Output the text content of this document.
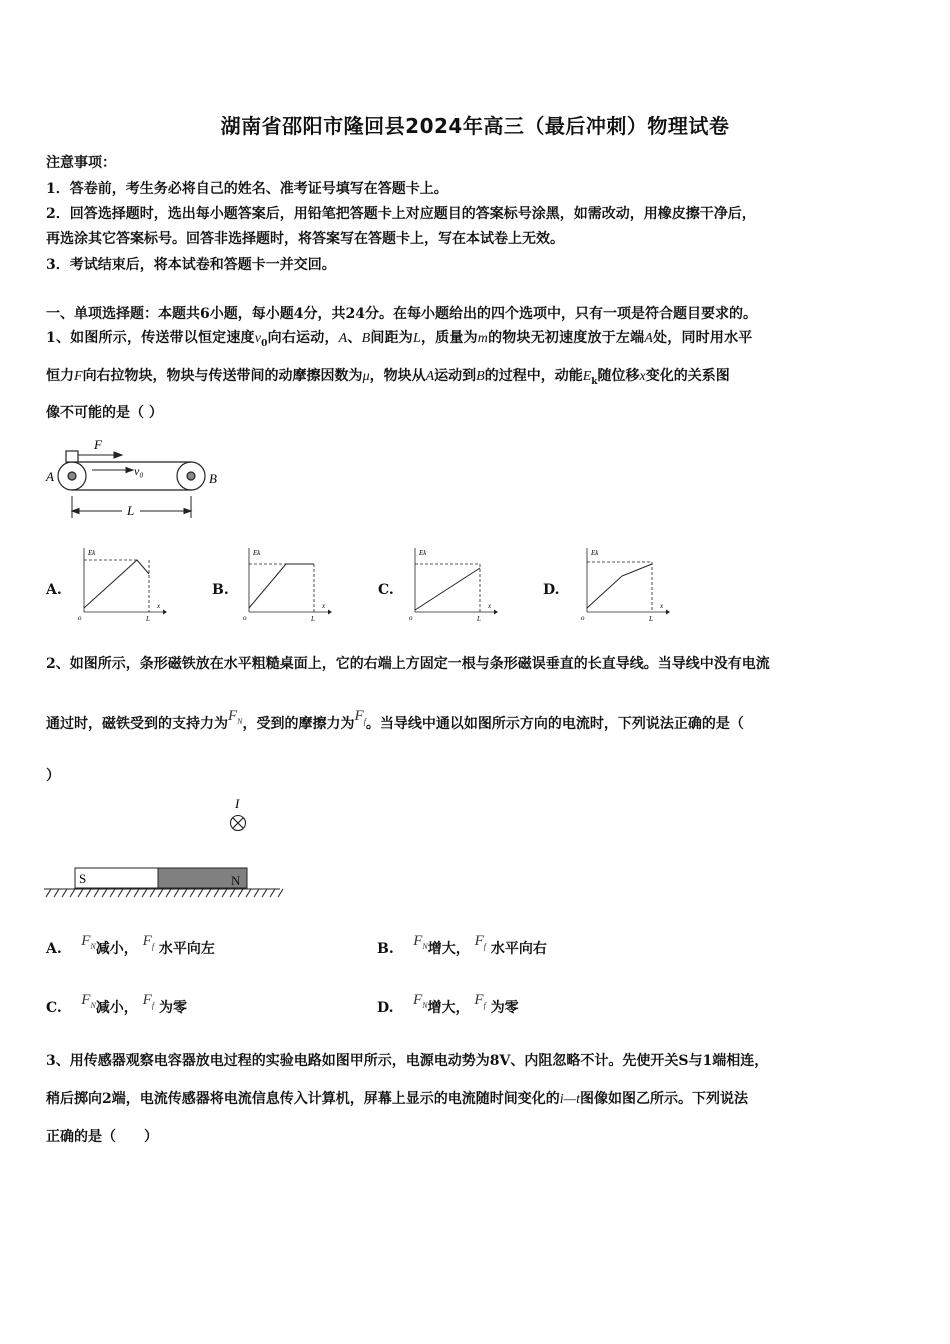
湖南省邵阳市隆回县2024年高三（最后冲刺）物理试卷
注意事项：
1．答卷前，考生务必将自己的姓名、准考证号填写在答题卡上。
2．回答选择题时，选出每小题答案后，用铅笔把答题卡上对应题目的答案标号涂黑，如需改动，用橡皮擦干净后，
再选涂其它答案标号。回答非选择题时，将答案写在答题卡上，写在本试卷上无效。
3．考试结束后，将本试卷和答题卡一并交回。
一、单项选择题：本题共6小题，每小题4分，共24分。在每小题给出的四个选项中，只有一项是符合题目要求的。
1、如图所示，传送带以恒定速度$v_0$向右运动，A、B间距为L，质量为m的物块无初速度放于左端A处，同时用水平
恒力F向右拉物块，物块与传送带间的动摩擦因数为μ，物块从A运动到B的过程中，动能$E_k$随位移x变化的关系图
像不可能的是（ ）
F
v₀
A	B
L
A.	B.	C.	D.
Ek
x
o	L
Ek
x
o	L
Ek
x
o	L
Ek
x
o	L
2、如图所示，条形磁铁放在水平粗糙桌面上，它的右端上方固定一根与条形磁误垂直的长直导线。当导线中没有电流
通过时，磁铁受到的支持力为$F_N$，受到的摩擦力为$F_f$。当导线中通以如图所示方向的电流时，下列说法正确的是（
）
I
S	N
A. $F_N$减小， $F_f$ 水平向左	B. $F_N$增大， $F_f$ 水平向右
C. $F_N$减小， $F_f$ 为零	D. $F_N$增大， $F_f$ 为零
3、用传感器观察电容器放电过程的实验电路如图甲所示，电源电动势为8V、内阻忽略不计。先使开关S与1端相连，
稍后掷向2端，电流传感器将电流信息传入计算机，屏幕上显示的电流随时间变化的i—t图像如图乙所示。下列说法
正确的是（　　）
